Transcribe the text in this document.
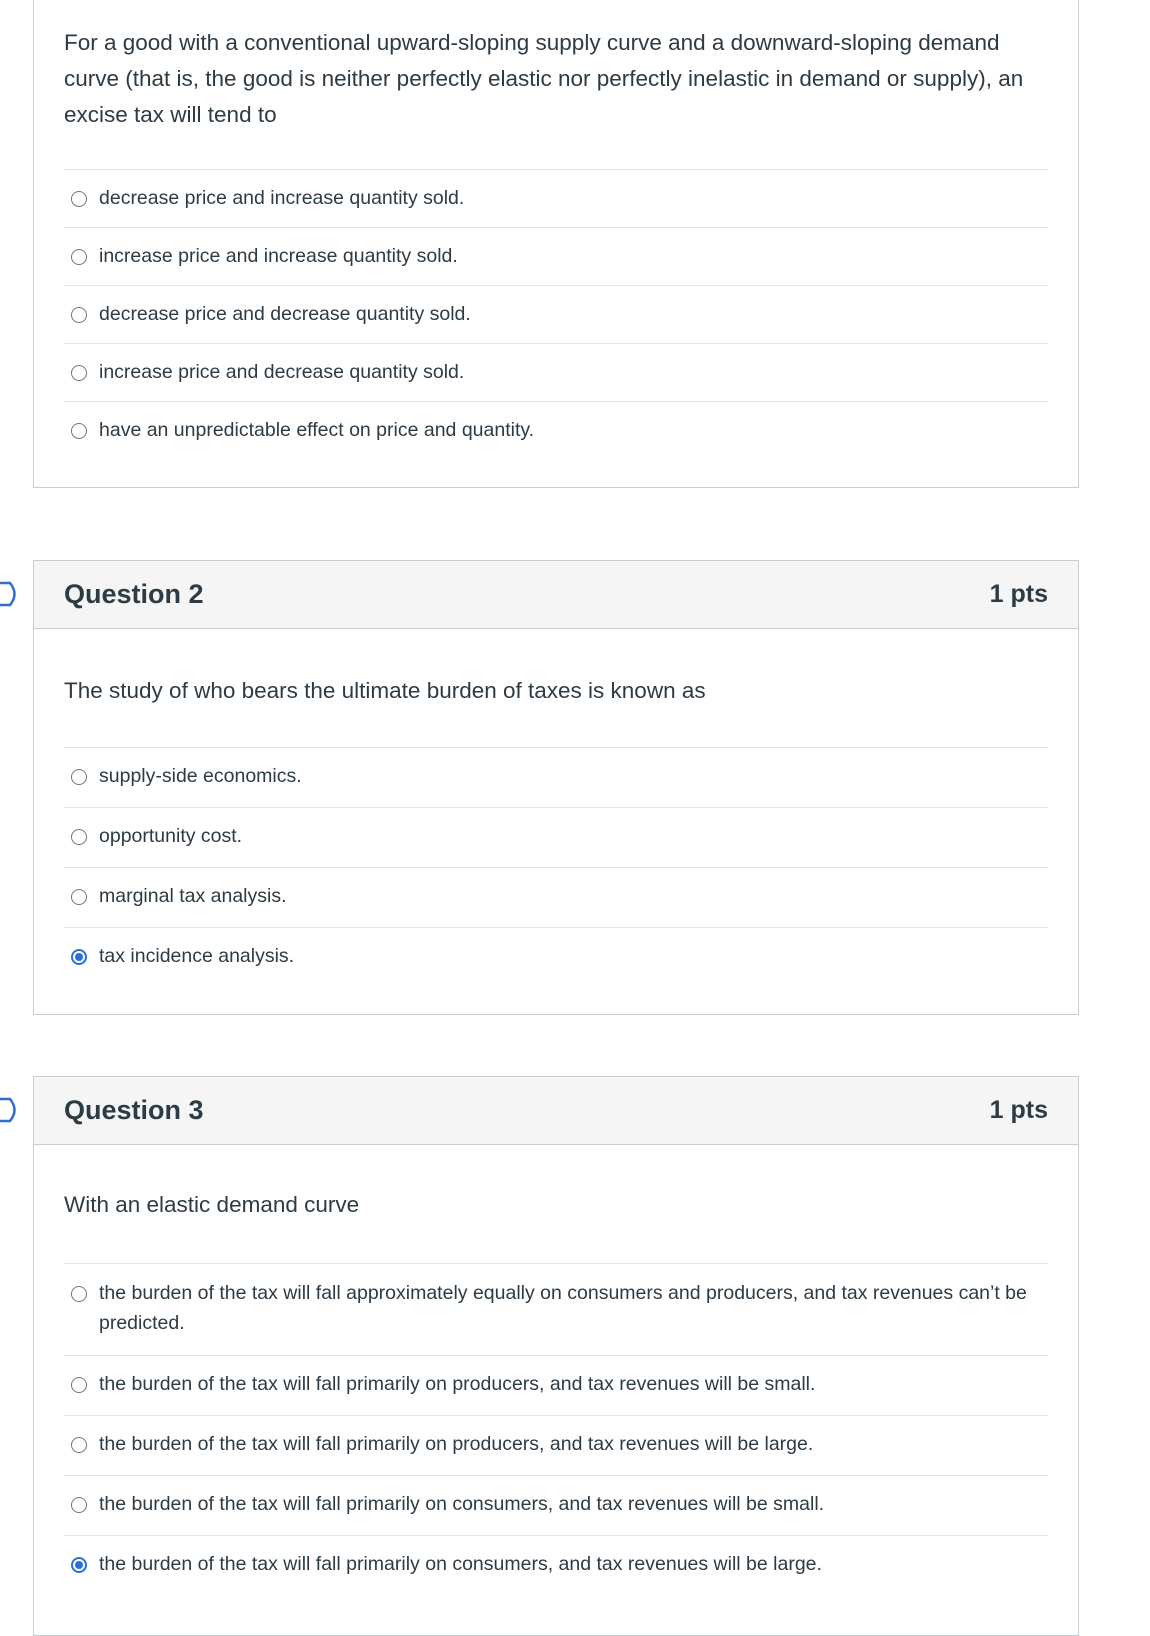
For a good with a conventional upward-sloping supply curve and a downward-sloping demand curve (that is, the good is neither perfectly elastic nor perfectly inelastic in demand or supply), an excise tax will tend to
decrease price and increase quantity sold.
increase price and increase quantity sold.
decrease price and decrease quantity sold.
increase price and decrease quantity sold.
have an unpredictable effect on price and quantity.
Question 2	1 pts
The study of who bears the ultimate burden of taxes is known as
supply-side economics.
opportunity cost.
marginal tax analysis.
tax incidence analysis.
Question 3	1 pts
With an elastic demand curve
the burden of the tax will fall approximately equally on consumers and producers, and tax revenues can’t be predicted.
the burden of the tax will fall primarily on producers, and tax revenues will be small.
the burden of the tax will fall primarily on producers, and tax revenues will be large.
the burden of the tax will fall primarily on consumers, and tax revenues will be small.
the burden of the tax will fall primarily on consumers, and tax revenues will be large.
